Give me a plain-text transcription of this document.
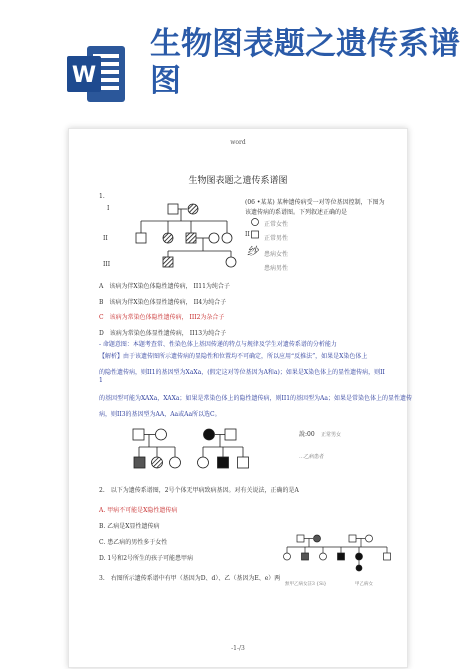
W
生物图表题之遗传系谱图
word
生物图表题之遗传系谱图
1.
(06 •某某) 某种遗传病受一对等位基因控制，下图为
该遗传病的系谱图。下列叙述正确的是
I
II
III
II
正常女性
正常男性
纱 患病女性
患病男性
A　该病为伴X染色体隐性遗传病， II11为纯合子
B　该病为伴X染色体显性遗传病， II4为纯合子
C　该病为常染色体隐性遗传病， III2为杂合子
D　该病为常染色体显性遗传病， II13为纯合子
- 命题意图：本题考查常、性染色体上基因传递的特点与规律及学生对遗传系谱的分析能力
【解析】由于该遗传图所示遗传病的显隐性和位置均不可确定，所以应用“反推法”，如果是X染色体上
的隐性遗传病，则II1的基因型为XaXa，(假定这对等位基因为A和a)；如果是X染色体上的显性遗传病，则II
1
的基因型可能为XAXa，XAXa；如果是常染色体上的隐性遗传病，则II1的基因型为Aa；如果是常染色体上的显性遗传
病，则II3的基因型为AA，Aa或Aa所以选C。
說:00 正常男女
…乙病患者
2.　以下为遗传系谱图，2号个体无甲病致病基因。对有关说法，正确的是A
A. 甲病不可能是X隐性遗传病
B. 乙病是X显性遗传病
C. 患乙病的男性多于女性
D. 1号和2号所生的孩子可能患甲病
3.　右图所示遗传系谱中有甲（基因为D、d）、乙（基因为E、e）两
無甲乙病女註3 {Si}	甲乙病女
-1-/3
